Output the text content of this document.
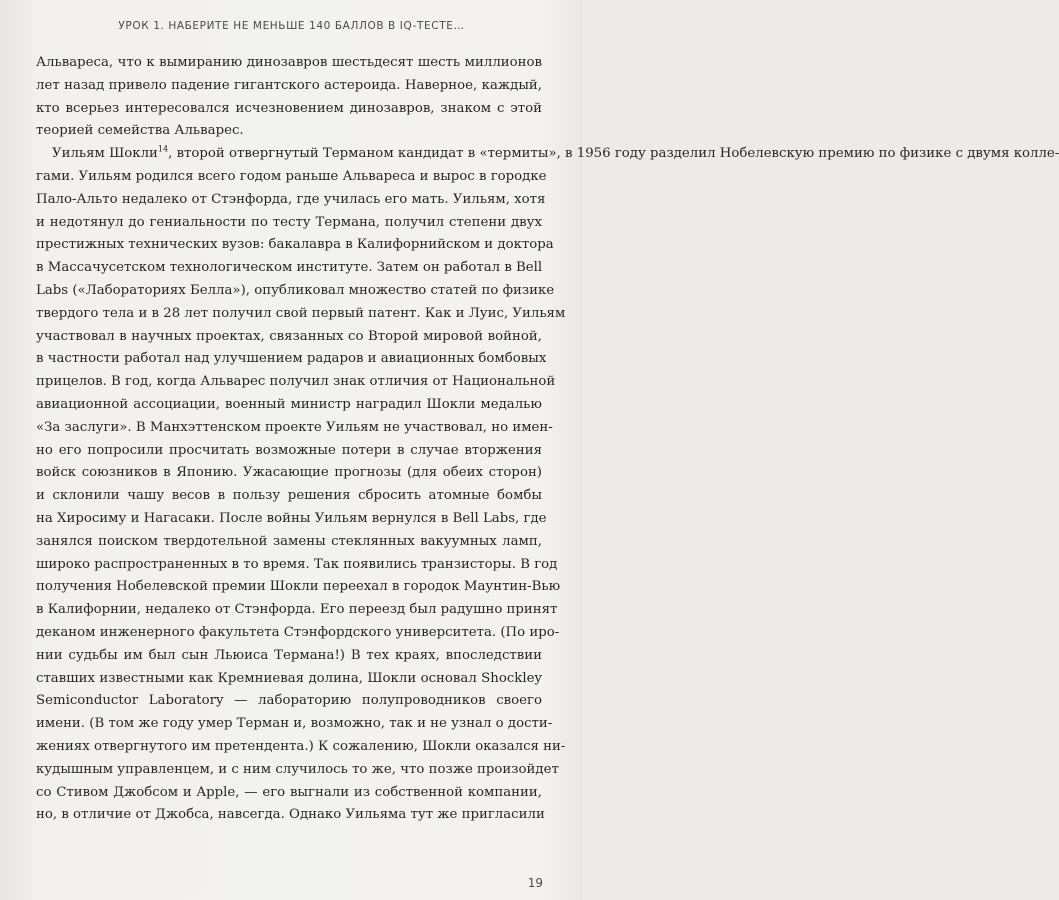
УРОК 1. НАБЕРИТЕ НЕ МЕНЬШЕ 140 БАЛЛОВ В IQ-ТЕСТЕ…

Альвареса, что к вымиранию динозавров шестьдесят шесть миллионов
лет назад привело падение гигантского астероида. Наверное, каждый,
кто всерьез интересовался исчезновением динозавров, знаком с этой
теорией семейства Альварес.

Уильям Шокли$^{14}$, второй отвергнутый Терманом кандидат в «термиты», в 1956 году разделил Нобелевскую премию по физике с двумя колле-
гами. Уильям родился всего годом раньше Альвареса и вырос в городке
Пало-Альто недалеко от Стэнфорда, где училась его мать. Уильям, хотя
и недотянул до гениальности по тесту Термана, получил степени двух
престижных технических вузов: бакалавра в Калифорнийском и доктора
в Массачусетском технологическом институте. Затем он работал в Bell
Labs («Лабораториях Белла»), опубликовал множество статей по физике
твердого тела и в 28 лет получил свой первый патент. Как и Луис, Уильям
участвовал в научных проектах, связанных со Второй мировой войной,
в частности работал над улучшением радаров и авиационных бомбовых
прицелов. В год, когда Альварес получил знак отличия от Национальной
авиационной ассоциации, военный министр наградил Шокли медалью
«За заслуги». В Манхэттенском проекте Уильям не участвовал, но имен-
но его попросили просчитать возможные потери в случае вторжения
войск союзников в Японию. Ужасающие прогнозы (для обеих сторон)
и склонили чашу весов в пользу решения сбросить атомные бомбы
на Хиросиму и Нагасаки. После войны Уильям вернулся в Bell Labs, где
занялся поиском твердотельной замены стеклянных вакуумных ламп,
широко распространенных в то время. Так появились транзисторы. В год
получения Нобелевской премии Шокли переехал в городок Маунтин-Вью
в Калифорнии, недалеко от Стэнфорда. Его переезд был радушно принят
деканом инженерного факультета Стэнфордского университета. (По иро-
нии судьбы им был сын Льюиса Термана!) В тех краях, впоследствии
ставших известными как Кремниевая долина, Шокли основал Shockley
Semiconductor Laboratory — лабораторию полупроводников своего
имени. (В том же году умер Терман и, возможно, так и не узнал о дости-
жениях отвергнутого им претендента.) К сожалению, Шокли оказался ни-
кудышным управленцем, и с ним случилось то же, что позже произойдет
со Стивом Джобсом и Apple, — его выгнали из собственной компании,
но, в отличие от Джобса, навсегда. Однако Уильяма тут же пригласили

19
